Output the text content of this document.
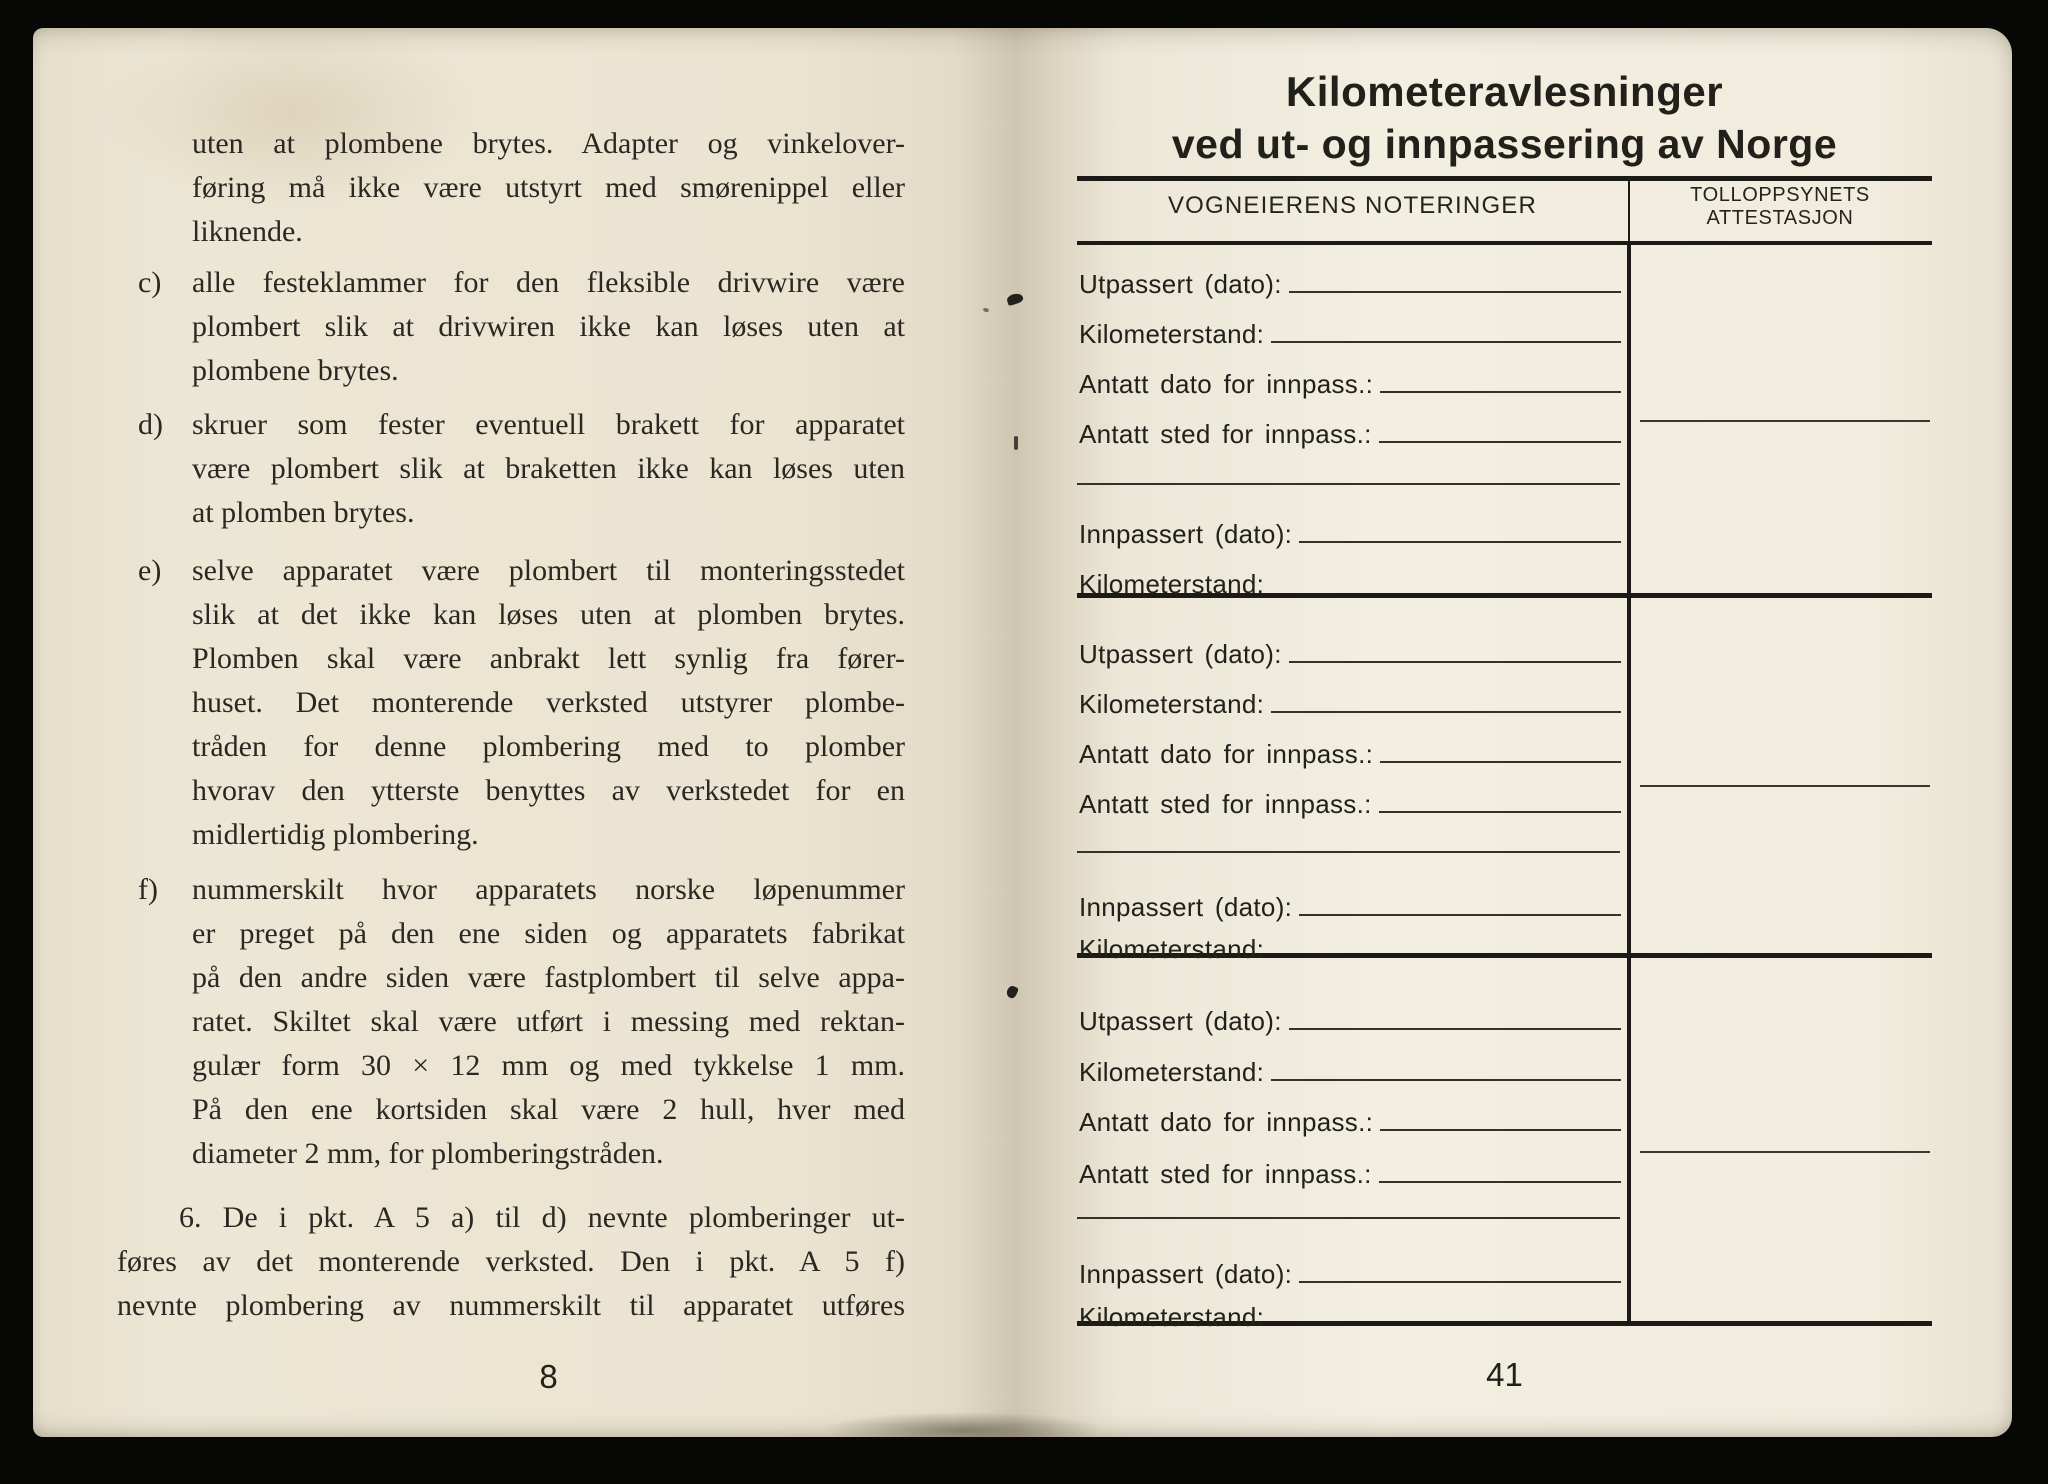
uten at plombene brytes. Adapter og vinkelover-
føring må ikke være utstyrt med smørenippel eller
liknende.
c) alle festeklammer for den fleksible drivwire være
plombert slik at drivwiren ikke kan løses uten at
plombene brytes.
d) skruer som fester eventuell brakett for apparatet
være plombert slik at braketten ikke kan løses uten
at plomben brytes.
e) selve apparatet være plombert til monteringsstedet
slik at det ikke kan løses uten at plomben brytes.
Plomben skal være anbrakt lett synlig fra fører-
huset. Det monterende verksted utstyrer plombe-
tråden for denne plombering med to plomber
hvorav den ytterste benyttes av verkstedet for en
midlertidig plombering.
f) nummerskilt hvor apparatets norske løpenummer
er preget på den ene siden og apparatets fabrikat
på den andre siden være fastplombert til selve appa-
ratet. Skiltet skal være utført i messing med rektan-
gulær form 30 × 12 mm og med tykkelse 1 mm.
På den ene kortsiden skal være 2 hull, hver med
diameter 2 mm, for plomberingstråden.
6. De i pkt. A 5 a) til d) nevnte plomberinger ut-
føres av det monterende verksted. Den i pkt. A 5 f)
nevnte plombering av nummerskilt til apparatet utføres
8
Kilometeravlesninger
ved ut- og innpassering av Norge
VOGNEIERENS NOTERINGER	TOLLOPPSYNETS
ATTESTASJON
Utpassert (dato):
Kilometerstand:
Antatt dato for innpass.:
Antatt sted for innpass.:
Innpassert (dato):
Kilometerstand:
Utpassert (dato):
Kilometerstand:
Antatt dato for innpass.:
Antatt sted for innpass.:
Innpassert (dato):
Kilometerstand:
Utpassert (dato):
Kilometerstand:
Antatt dato for innpass.:
Antatt sted for innpass.:
Innpassert (dato):
Kilometerstand:
41
